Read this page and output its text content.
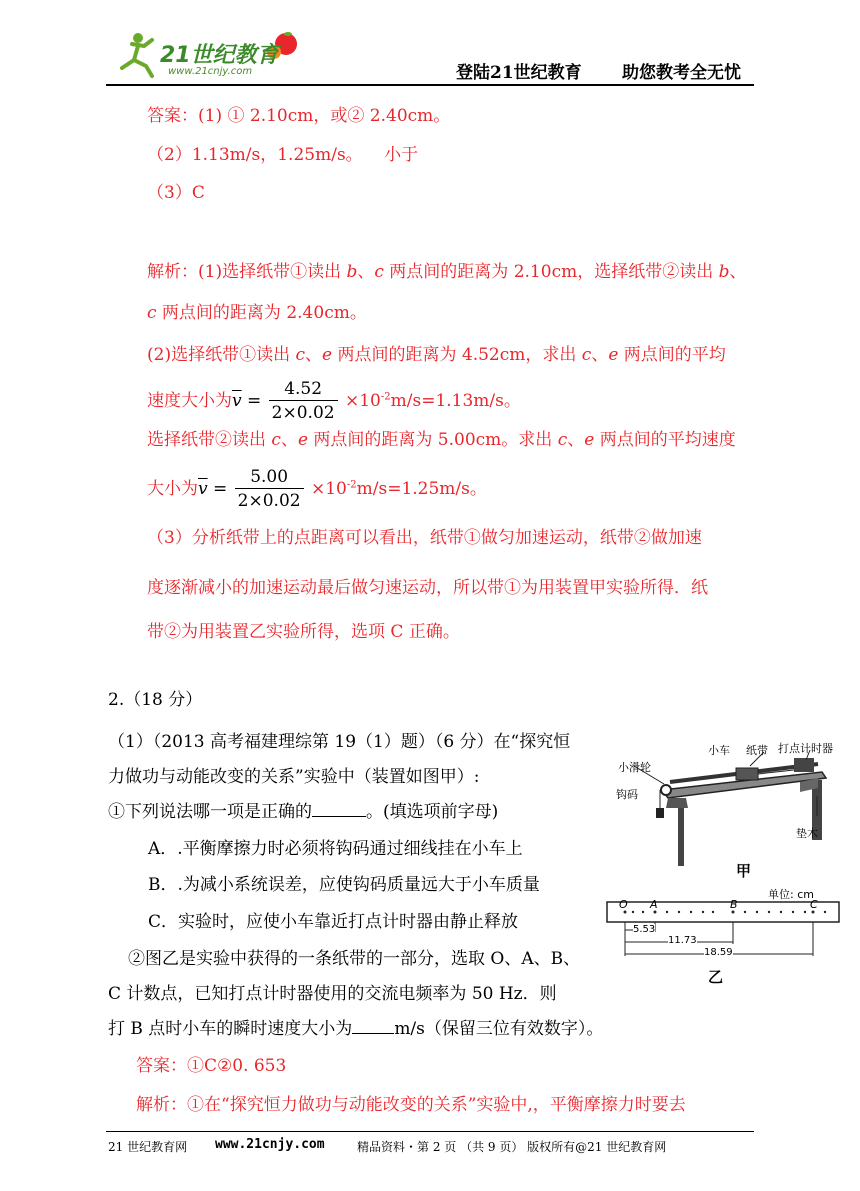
21世纪教育
www.21cnjy.com	登陆21世纪教育 助您教考全无忧
答案：(1) ① 2.10cm，或② 2.40cm。
（2）1.13m/s，1.25m/s。 小于
（3）C
解析：(1)选择纸带①读出 b、c 两点间的距离为 2.10cm，选择纸带②读出 b、
c 两点间的距离为 2.40cm。
(2)选择纸带①读出 c、e 两点间的距离为 4.52cm，求出 c、e 两点间的平均
速度大小为$\overline{v} = \frac{4.52}{2\times 0.02} \times 10^{-2}m/s=1.13m/s$。
选择纸带②读出 c、e 两点间的距离为 5.00cm。求出 c、e 两点间的平均速度
大小为$\overline{v} = \frac{5.00}{2\times 0.02} \times 10^{-2}m/s=1.25m/s$。
（3）分析纸带上的点距离可以看出，纸带①做匀加速运动，纸带②做加速
度逐渐减小的加速运动最后做匀速运动，所以带①为用装置甲实验所得．纸
带②为用装置乙实验所得，选项 C 正确。
2.（18 分）
（1）（2013 高考福建理综第 19（1）题）（6 分）在“探究恒
力做功与动能改变的关系”实验中（装置如图甲）:
①下列说法哪一项是正确的	。(填选项前字母)
A．.平衡摩擦力时必须将钩码通过细线挂在小车上
B．.为减小系统误差，应使钩码质量远大于小车质量
C．实验时，应使小车靠近打点计时器由静止释放
②图乙是实验中获得的一条纸带的一部分，选取 O、A、B、
C 计数点，已知打点计时器使用的交流电频率为 50 Hz．则
打 B 点时小车的瞬时速度大小为 m/s（保留三位有效数字）。
答案：①C②0. 653
解析：①在“探究恒力做功与动能改变的关系”实验中,，平衡摩擦力时要去
小滑轮
小车 纸带 打点计时器
钩码
垫木
甲
单位: cm
O A	B	C
5.53
11.73
18.59
乙
21 世纪教育网 www.21cnjy.com	精品资料・第 2 页 （共 9 页） 版权所有@21 世纪教育网
